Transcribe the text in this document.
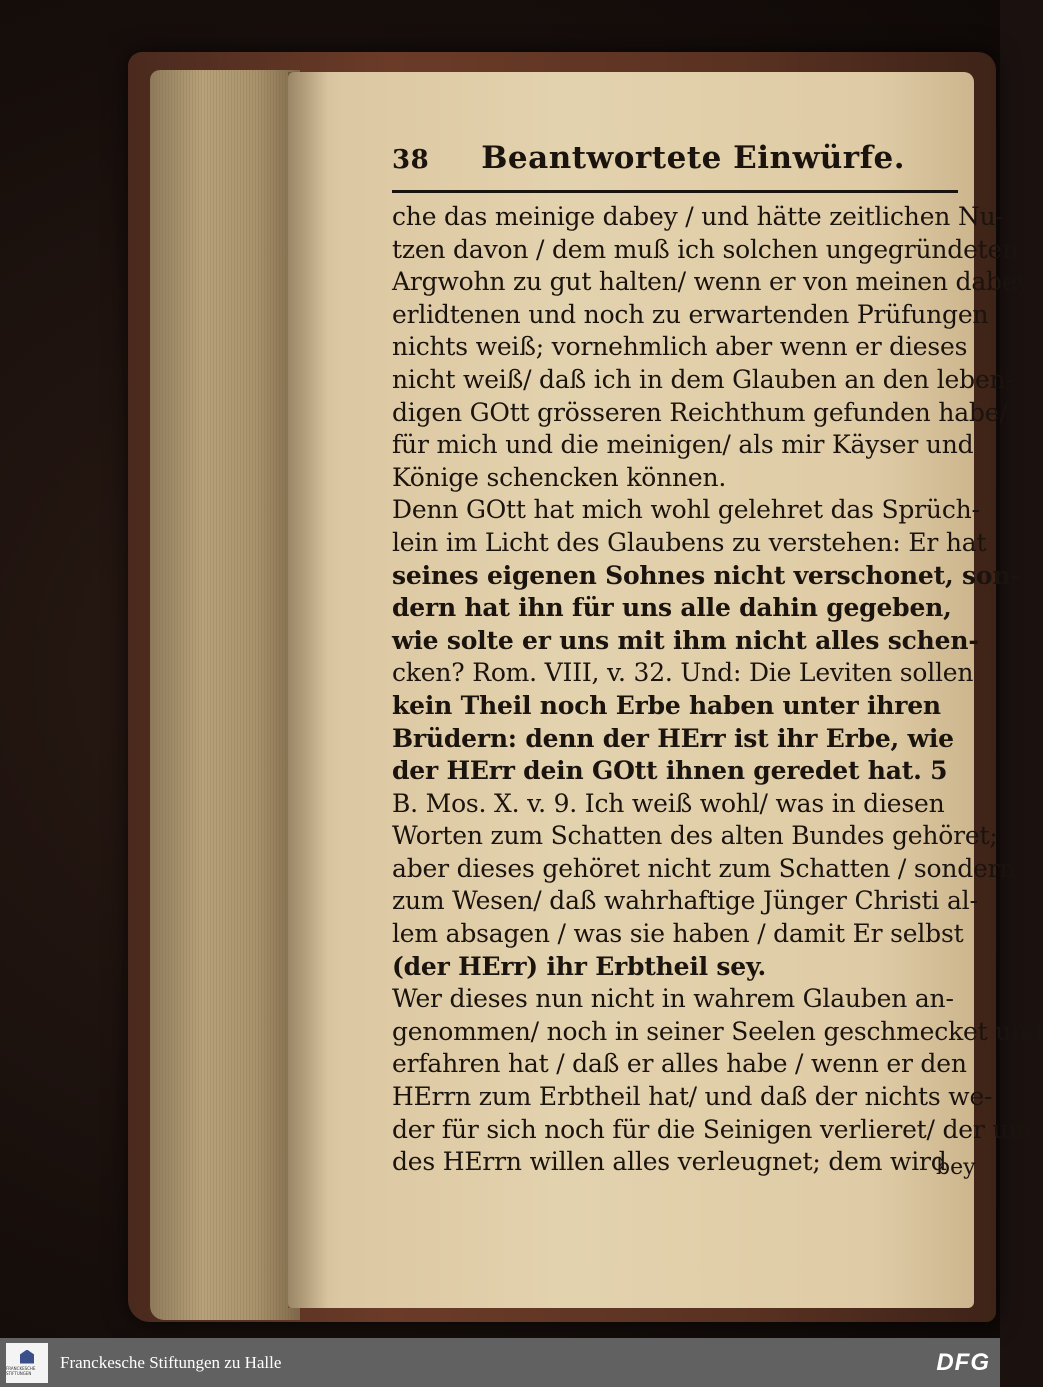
38 Beantwortete Einwürfe.
che das meinige dabey / und hätte zeitlichen Nu-
tzen davon / dem muß ich solchen ungegründeten
Argwohn zu gut halten/ wenn er von meinen dabey
erlidtenen und noch zu erwartenden Prüfungen
nichts weiß; vornehmlich aber wenn er dieses
nicht weiß/ daß ich in dem Glauben an den leben-
digen GOtt grösseren Reichthum gefunden habe/
für mich und die meinigen/ als mir Käyser und
Könige schencken können.
Denn GOtt hat mich wohl gelehret das Sprüch-
lein im Licht des Glaubens zu verstehen: Er hat
seines eigenen Sohnes nicht verschonet, son-
dern hat ihn für uns alle dahin gegeben,
wie solte er uns mit ihm nicht alles schen-
cken? Rom. VIII, v. 32. Und: Die Leviten sollen
kein Theil noch Erbe haben unter ihren
Brüdern: denn der HErr ist ihr Erbe, wie
der HErr dein GOtt ihnen geredet hat. 5
B. Mos. X. v. 9. Ich weiß wohl/ was in diesen
Worten zum Schatten des alten Bundes gehöret;
aber dieses gehöret nicht zum Schatten / sondern
zum Wesen/ daß wahrhaftige Jünger Christi al-
lem absagen / was sie haben / damit Er selbst
(der HErr) ihr Erbtheil sey.
Wer dieses nun nicht in wahrem Glauben an-
genommen/ noch in seiner Seelen geschmecket und
erfahren hat / daß er alles habe / wenn er den
HErrn zum Erbtheil hat/ und daß der nichts we-
der für sich noch für die Seinigen verlieret/ der um
des HErrn willen alles verleugnet; dem wird
bey
FRANCKESCHE STIFTUNGEN
Franckesche Stiftungen zu Halle	DFG
